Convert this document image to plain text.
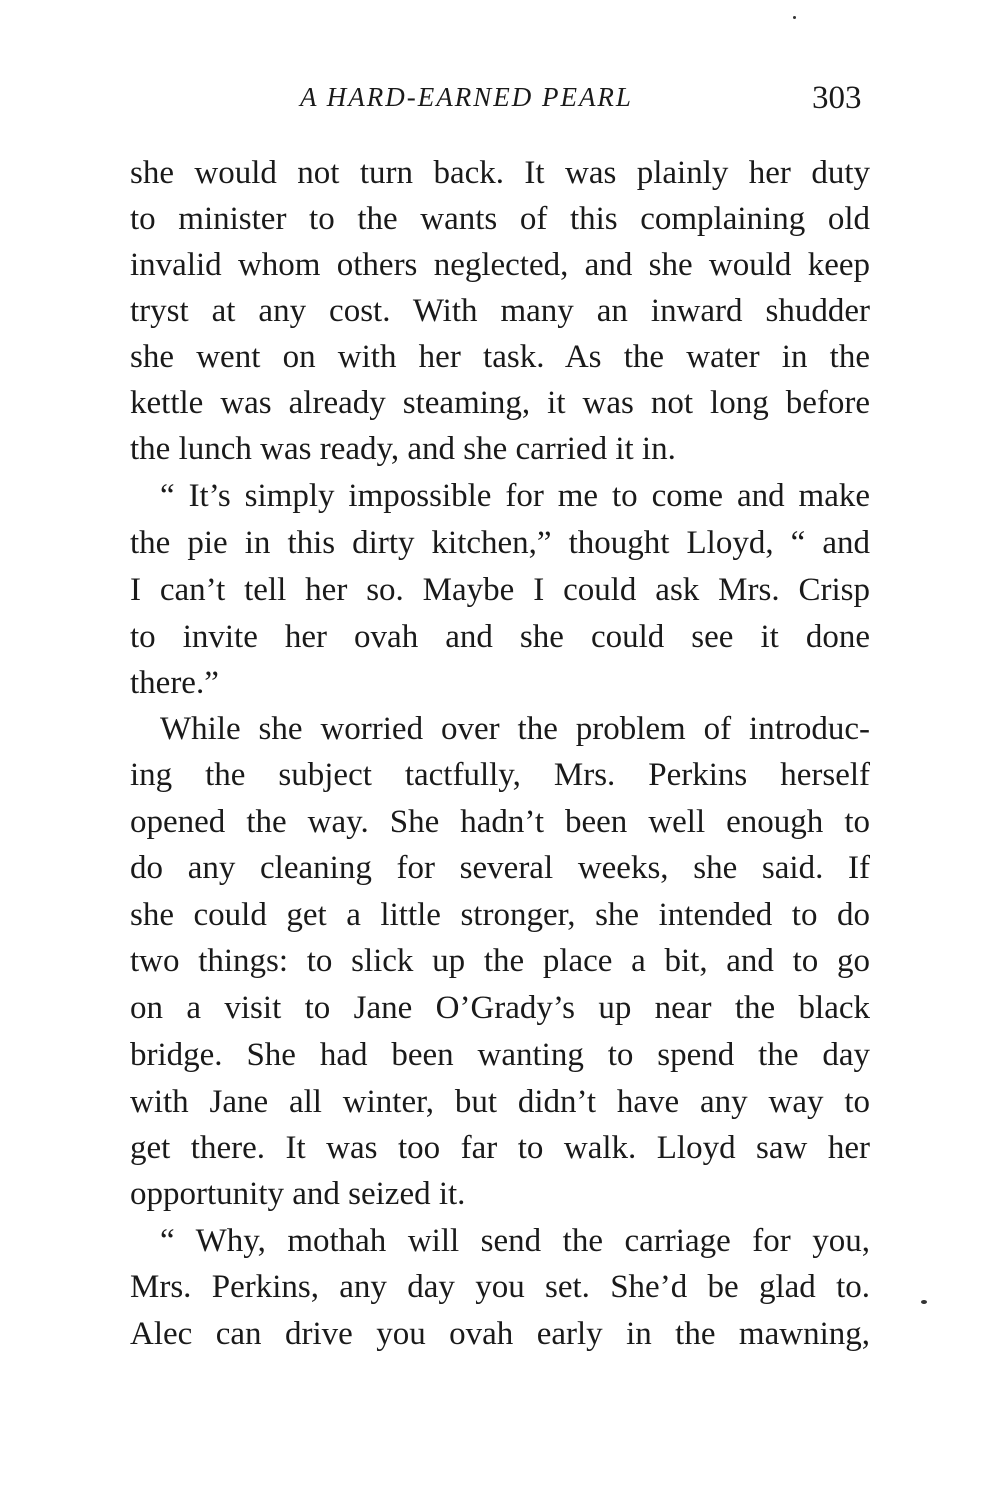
A HARD-EARNED PEARL	303
she would not turn back. It was plainly her duty
to minister to the wants of this complaining old
invalid whom others neglected, and she would keep
tryst at any cost. With many an inward shudder
she went on with her task. As the water in the
kettle was already steaming, it was not long before
the lunch was ready, and she carried it in.
“ It’s simply impossible for me to come and make
the pie in this dirty kitchen,” thought Lloyd, “ and
I can’t tell her so. Maybe I could ask Mrs. Crisp
to invite her ovah and she could see it done
there.”
While she worried over the problem of introduc-
ing the subject tactfully, Mrs. Perkins herself
opened the way. She hadn’t been well enough to
do any cleaning for several weeks, she said. If
she could get a little stronger, she intended to do
two things: to slick up the place a bit, and to go
on a visit to Jane O’Grady’s up near the black
bridge. She had been wanting to spend the day
with Jane all winter, but didn’t have any way to
get there. It was too far to walk. Lloyd saw her
opportunity and seized it.
“ Why, mothah will send the carriage for you,
Mrs. Perkins, any day you set. She’d be glad to.
Alec can drive you ovah early in the mawning,
